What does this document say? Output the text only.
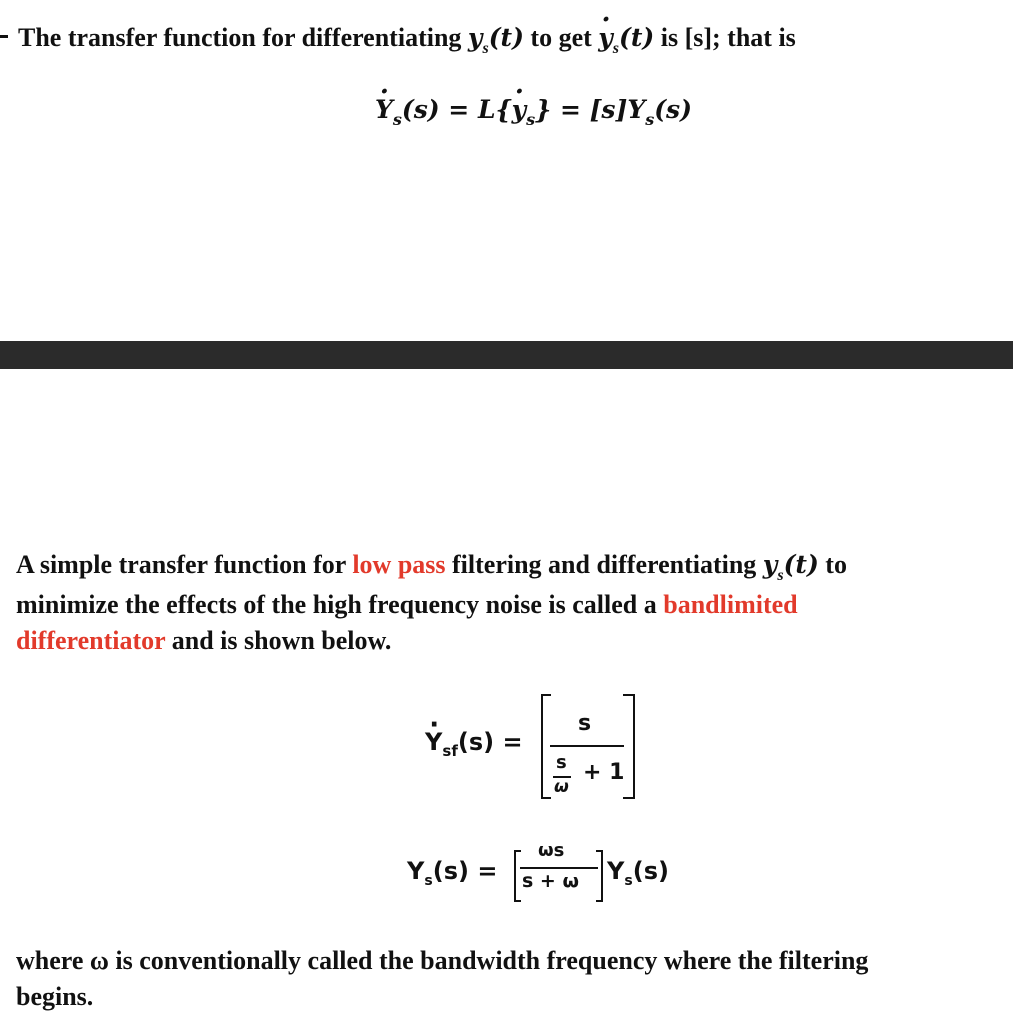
The transfer function for differentiating $y_s(t)$ to get $y \cdot_s(t)$ is [s]; that is
$Y \cdot_s(s) = L\{y \cdot_s\} = [s]Y_s(s)$
A simple transfer function for low pass filtering and differentiating $y_s(t)$ to
minimize the effects of the high frequency noise is called a bandlimited
differentiator and is shown below.
$Y \cdot_{sf}(s)$ =
s
s
ω
+ 1
$Y_s(s)$ =
ωs
s + ω $Y_s(s)$
where ω is conventionally called the bandwidth frequency where the filtering
begins.
